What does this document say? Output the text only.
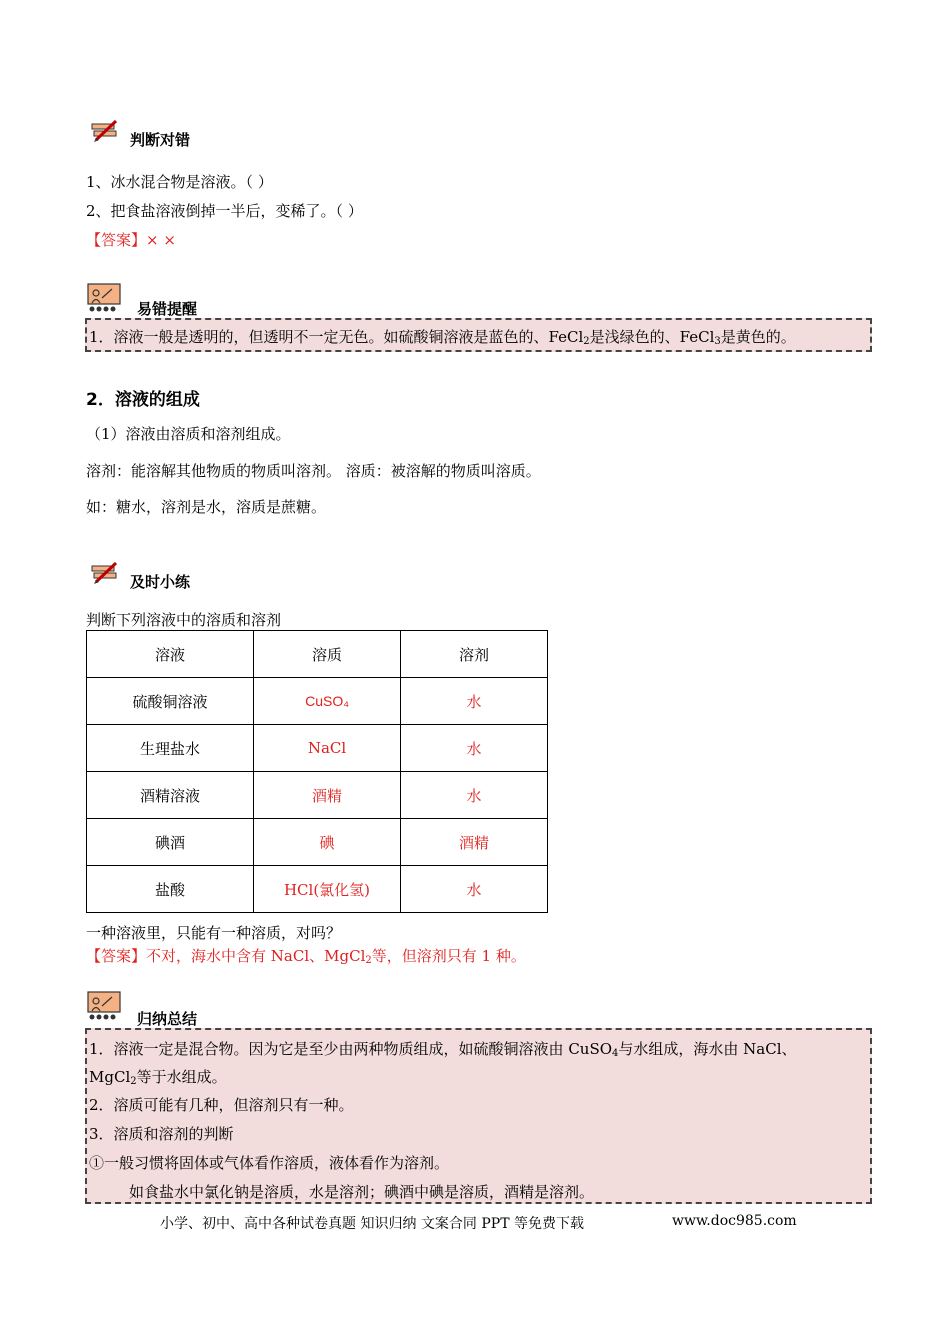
判断对错
1、冰水混合物是溶液。（ ）
2、把食盐溶液倒掉一半后，变稀了。（ ）
【答案】× ×
易错提醒
1．溶液一般是透明的，但透明不一定无色。如硫酸铜溶液是蓝色的、FeCl$_2$是浅绿色的、FeCl$_3$是黄色的。
2．溶液的组成
（1）溶液由溶质和溶剂组成。
溶剂：能溶解其他物质的物质叫溶剂。 溶质：被溶解的物质叫溶质。
如：糖水，溶剂是水，溶质是蔗糖。
及时小练
判断下列溶液中的溶质和溶剂
溶液	溶质	溶剂
硫酸铜溶液	CuSO₄	水
生理盐水	NaCl	水
酒精溶液	酒精	水
碘酒	碘	酒精
盐酸	HCl(氯化氢)	水
一种溶液里，只能有一种溶质，对吗？
【答案】不对，海水中含有 NaCl、MgCl$_2$等，但溶剂只有 1 种。
归纳总结
1．溶液一定是混合物。因为它是至少由两种物质组成，如硫酸铜溶液由 CuSO$_4$与水组成，海水由 NaCl、
MgCl$_2$等于水组成。
2．溶质可能有几种，但溶剂只有一种。
3．溶质和溶剂的判断
①一般习惯将固体或气体看作溶质，液体看作为溶剂。
如食盐水中氯化钠是溶质，水是溶剂；碘酒中碘是溶质，酒精是溶剂。
小学、初中、高中各种试卷真题 知识归纳 文案合同 PPT 等免费下载	www.doc985.com
